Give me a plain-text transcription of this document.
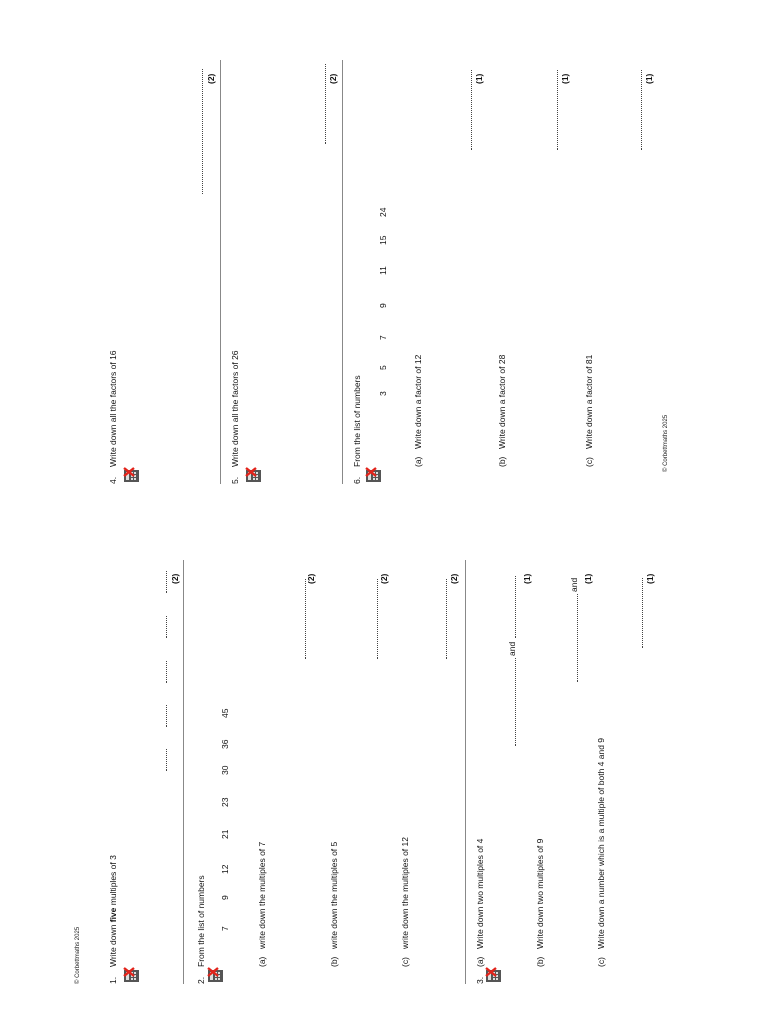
1.
Write down five multiples of 3
(2)
2.
From the list of numbers 7
9
12
21
23
30
36
45
(a)
write down the multiples of 7
(2)
(b)
write down the multiples of 5
(2)
(c)
write down the multiples of 12
(2)
3.
(a)
Write down two multiples of 4
and
(1)
(b)
Write down two multiples of 9
and (1)
(c)
Write down a number which is a multiple of both 4 and 9
(1)
© Corbettmaths 2025
4.
Write down all the factors of 16
(2)
5.
Write down all the factors of 26
(2)
6.
From the list of numbers 3
5
7
9
11
15
24
(a)
Write down a factor of 12
(1)
(b)
Write down a factor of 28
(1)
(c)
Write down a factor of 81
(1)
© Corbettmaths 2025
